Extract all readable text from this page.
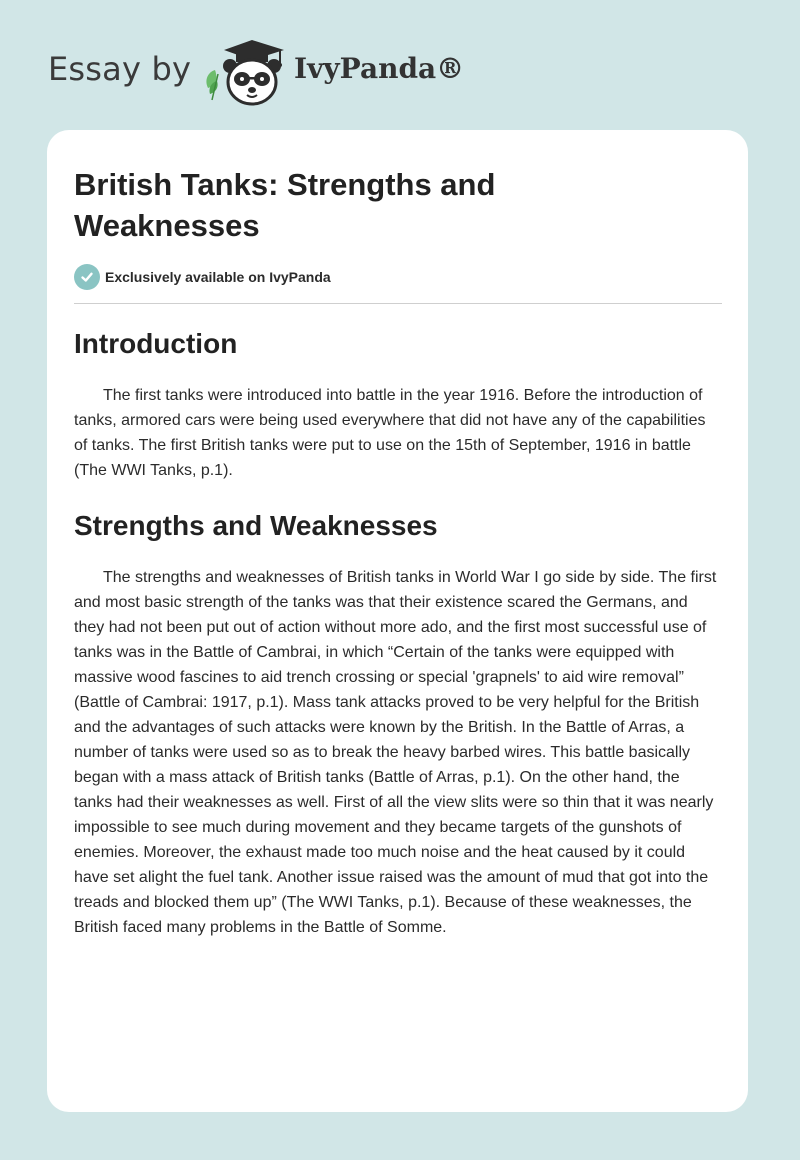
Essay by	IvyPanda®
British Tanks: Strengths and Weaknesses
Exclusively available on IvyPanda
Introduction

The first tanks were introduced into battle in the year 1916. Before the introduction of tanks, armored cars were being used everywhere that did not have any of the capabilities of tanks. The first British tanks were put to use on the 15th of September, 1916 in battle (The WWI Tanks, p.1).

Strengths and Weaknesses

The strengths and weaknesses of British tanks in World War I go side by side. The first and most basic strength of the tanks was that their existence scared the Germans, and they had not been put out of action without more ado, and the first most successful use of tanks was in the Battle of Cambrai, in which “Certain of the tanks were equipped with massive wood fascines to aid trench crossing or special 'grapnels' to aid wire removal” (Battle of Cambrai: 1917, p.1). Mass tank attacks proved to be very helpful for the British and the advantages of such attacks were known by the British. In the Battle of Arras, a number of tanks were used so as to break the heavy barbed wires. This battle basically began with a mass attack of British tanks (Battle of Arras, p.1). On the other hand, the tanks had their weaknesses as well. First of all the view slits were so thin that it was nearly impossible to see much during movement and they became targets of the gunshots of enemies. Moreover, the exhaust made too much noise and the heat caused by it could have set alight the fuel tank. Another issue raised was the amount of mud that got into the treads and blocked them up” (The WWI Tanks, p.1). Because of these weaknesses, the British faced many problems in the Battle of Somme.
